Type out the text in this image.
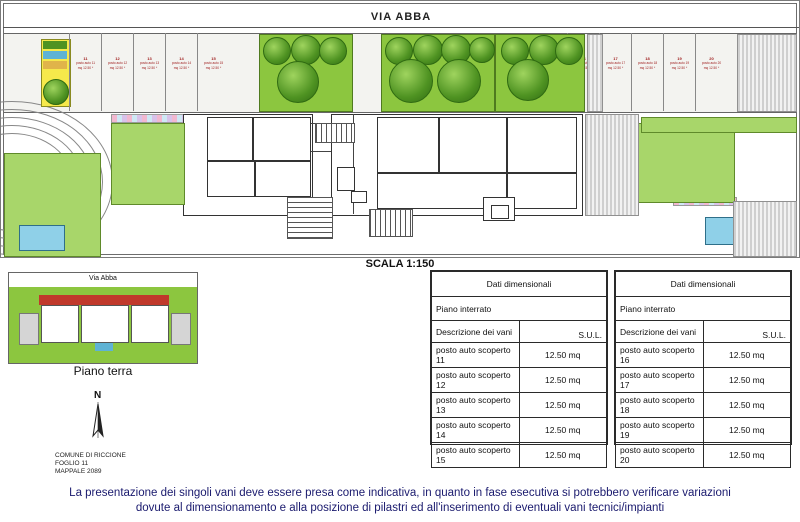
VIA ABBA
11
posto auto 11
mq 12.50 *
12
posto auto 12
mq 12.50 *
13
posto auto 13
mq 12.50 *
14
posto auto 14
mq 12.50 *
15
posto auto 15
mq 12.50 *

auto
12.50
17
posto auto 17
mq 12.50 *
18
posto auto 18
mq 12.50 *
19
posto auto 19
mq 12.50 *
20
posto auto 20
mq 12.50 *
SCALA 1:150
Via Abba
Piano terra
N
COMUNE DI RICCIONE
FOGLIO 11
MAPPALE 2089
Dati dimensionali	
Piano interrato	
Descrizione dei vani	S.U.L.
posto auto scoperto 11	12.50 mq
posto auto scoperto 12	12.50 mq
posto auto scoperto 13	12.50 mq
posto auto scoperto 14	12.50 mq
posto auto scoperto 15	12.50 mq
Dati dimensionali	
Piano interrato	
Descrizione dei vani	S.U.L.
posto auto scoperto 16	12.50 mq
posto auto scoperto 17	12.50 mq
posto auto scoperto 18	12.50 mq
posto auto scoperto 19	12.50 mq
posto auto scoperto 20	12.50 mq
La presentazione dei singoli vani deve essere presa come indicativa, in quanto in fase esecutiva si potrebbero verificare variazioni
dovute al dimensionamento e alla posizione di pilastri ed all'inserimento di eventuali vani tecnici/impianti
